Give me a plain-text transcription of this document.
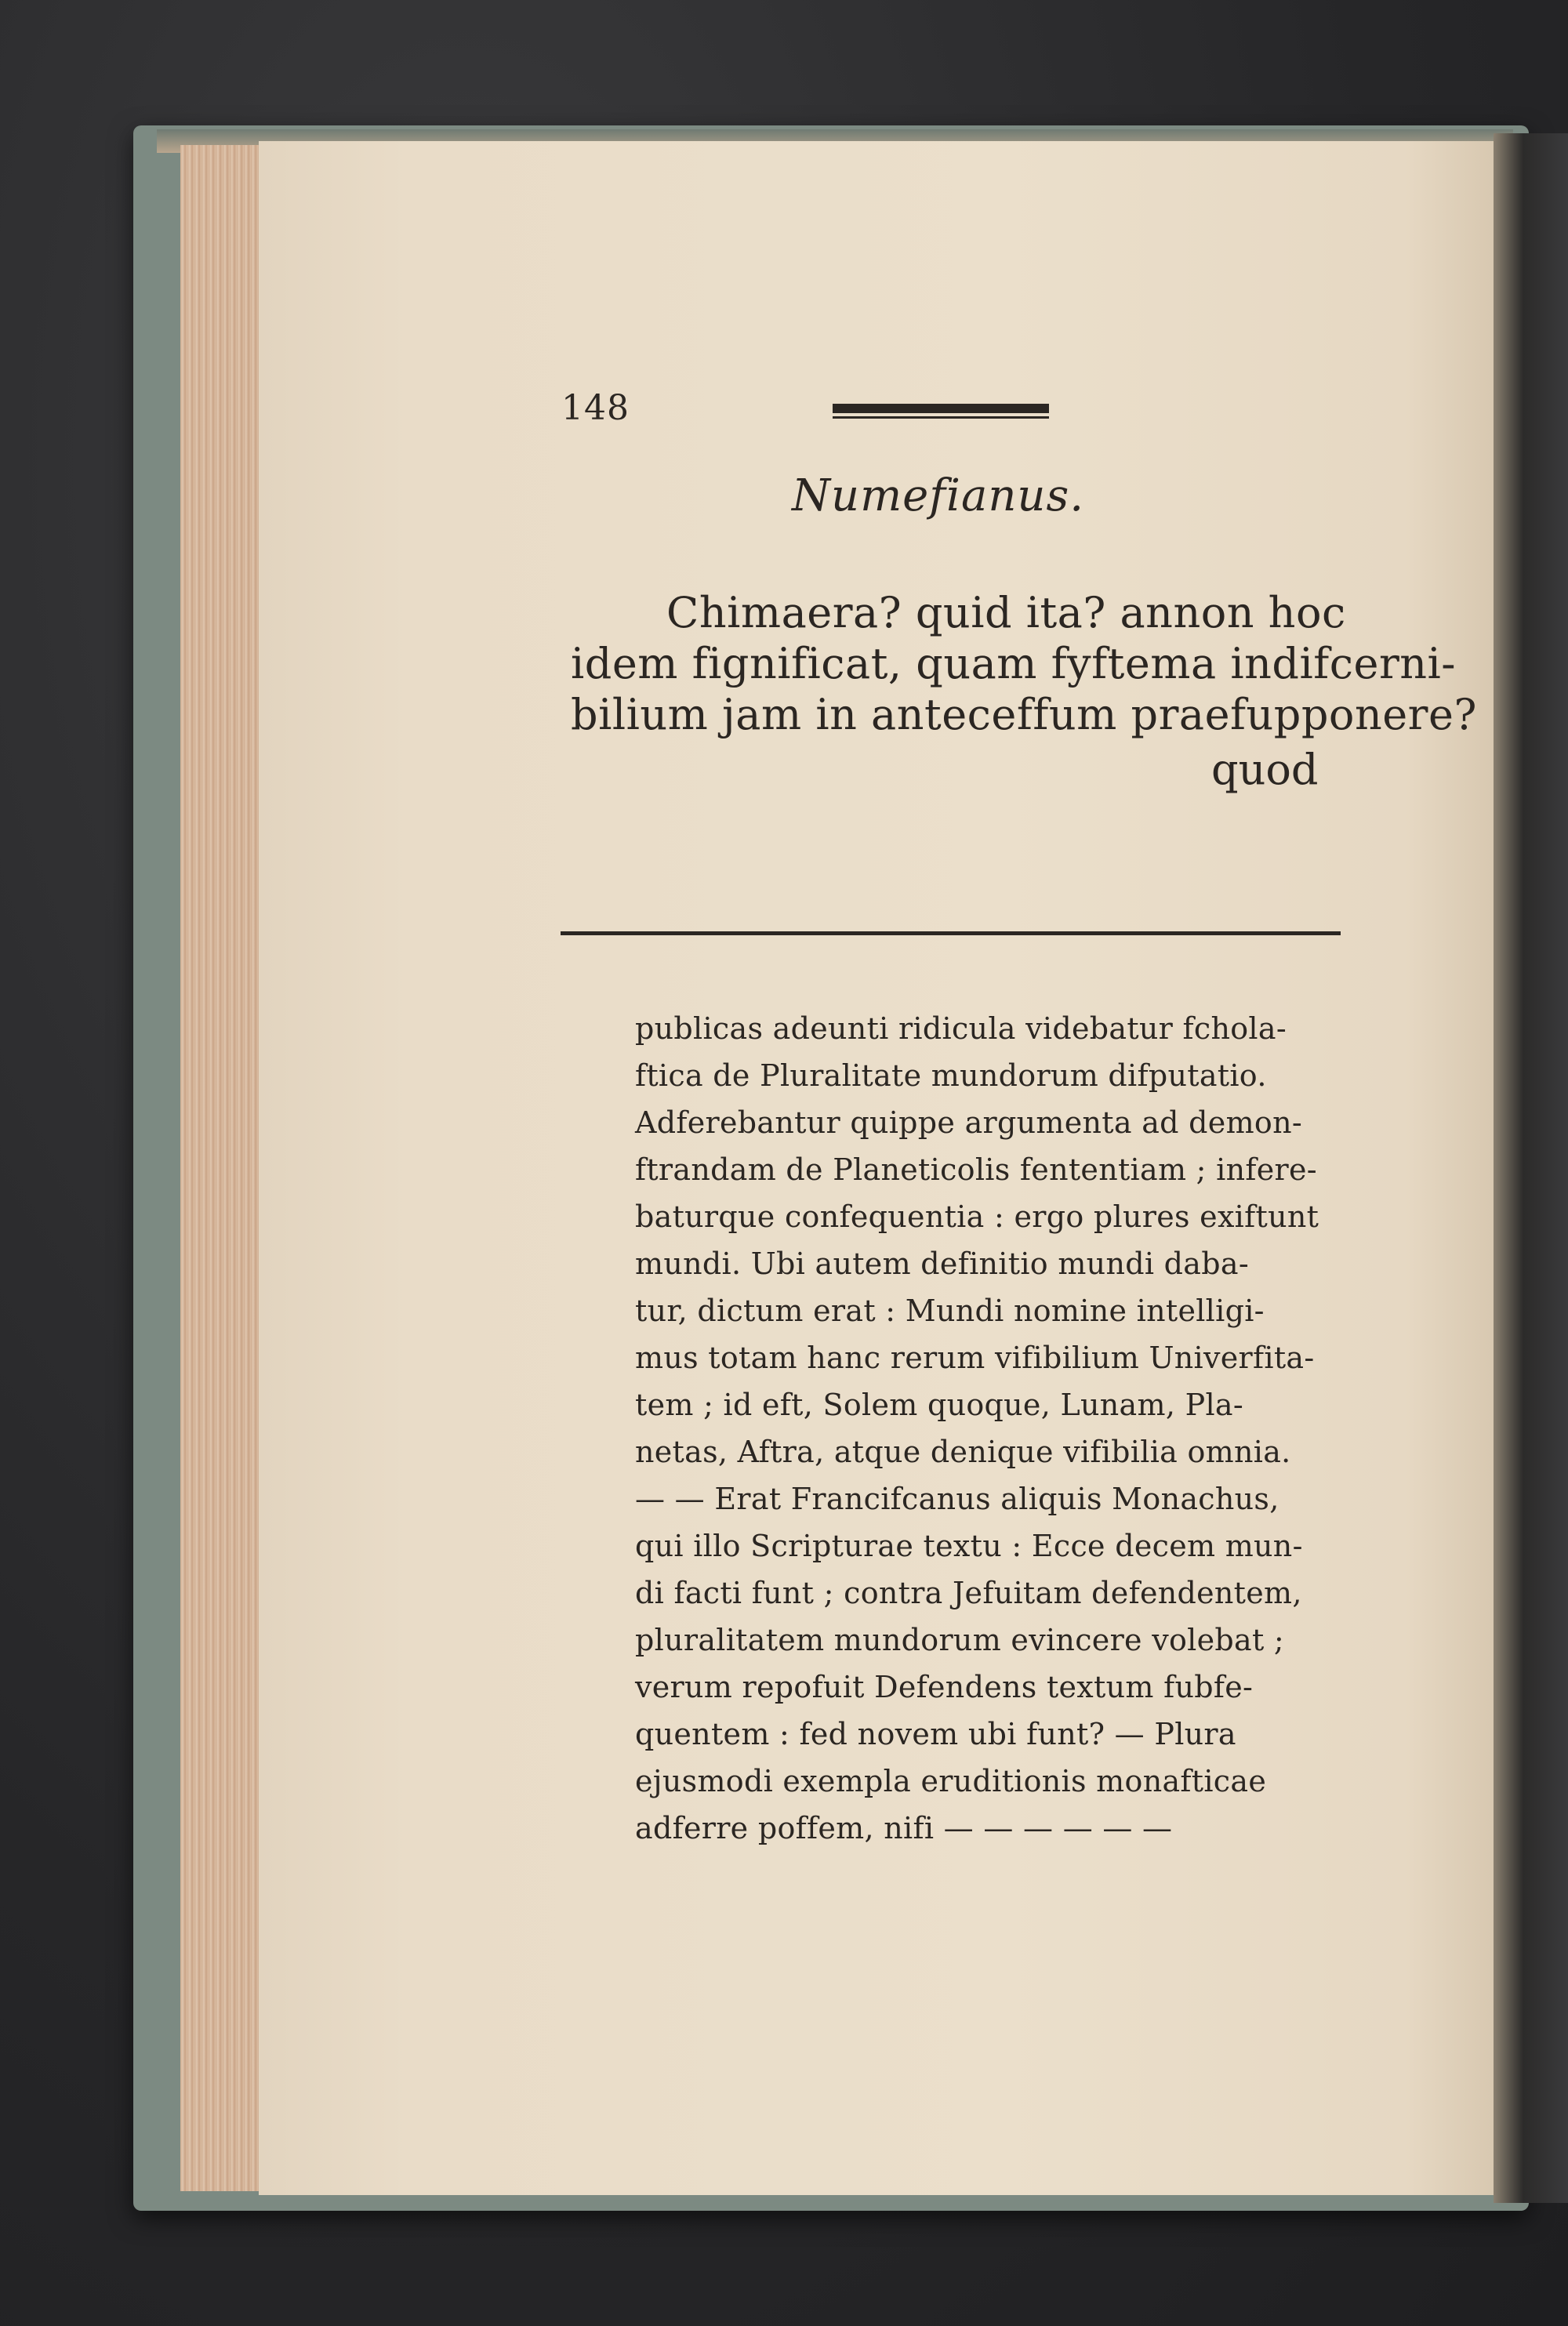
148
Numefianus.
Chimaera? quid ita? annon hoc
idem fignificat, quam fyftema indifcerni-
bilium jam in anteceffum praefupponere?
quod
publicas adeunti ridicula videbatur fchola-
ftica de Pluralitate mundorum difputatio.
Adferebantur quippe argumenta ad demon-
ftrandam de Planeticolis fententiam ; infere-
baturque confequentia : ergo plures exiftunt
mundi. Ubi autem definitio mundi daba-
tur, dictum erat : Mundi nomine intelligi-
mus totam hanc rerum vifibilium Univerfita-
tem ; id eft, Solem quoque, Lunam, Pla-
netas, Aftra, atque denique vifibilia omnia.
— — Erat Francifcanus aliquis Monachus,
qui illo Scripturae textu : Ecce decem mun-
di facti funt ; contra Jefuitam defendentem,
pluralitatem mundorum evincere volebat ;
verum repofuit Defendens textum fubfe-
quentem : fed novem ubi funt? — Plura
ejusmodi exempla eruditionis monafticae
adferre poffem, nifi — — — — — —
